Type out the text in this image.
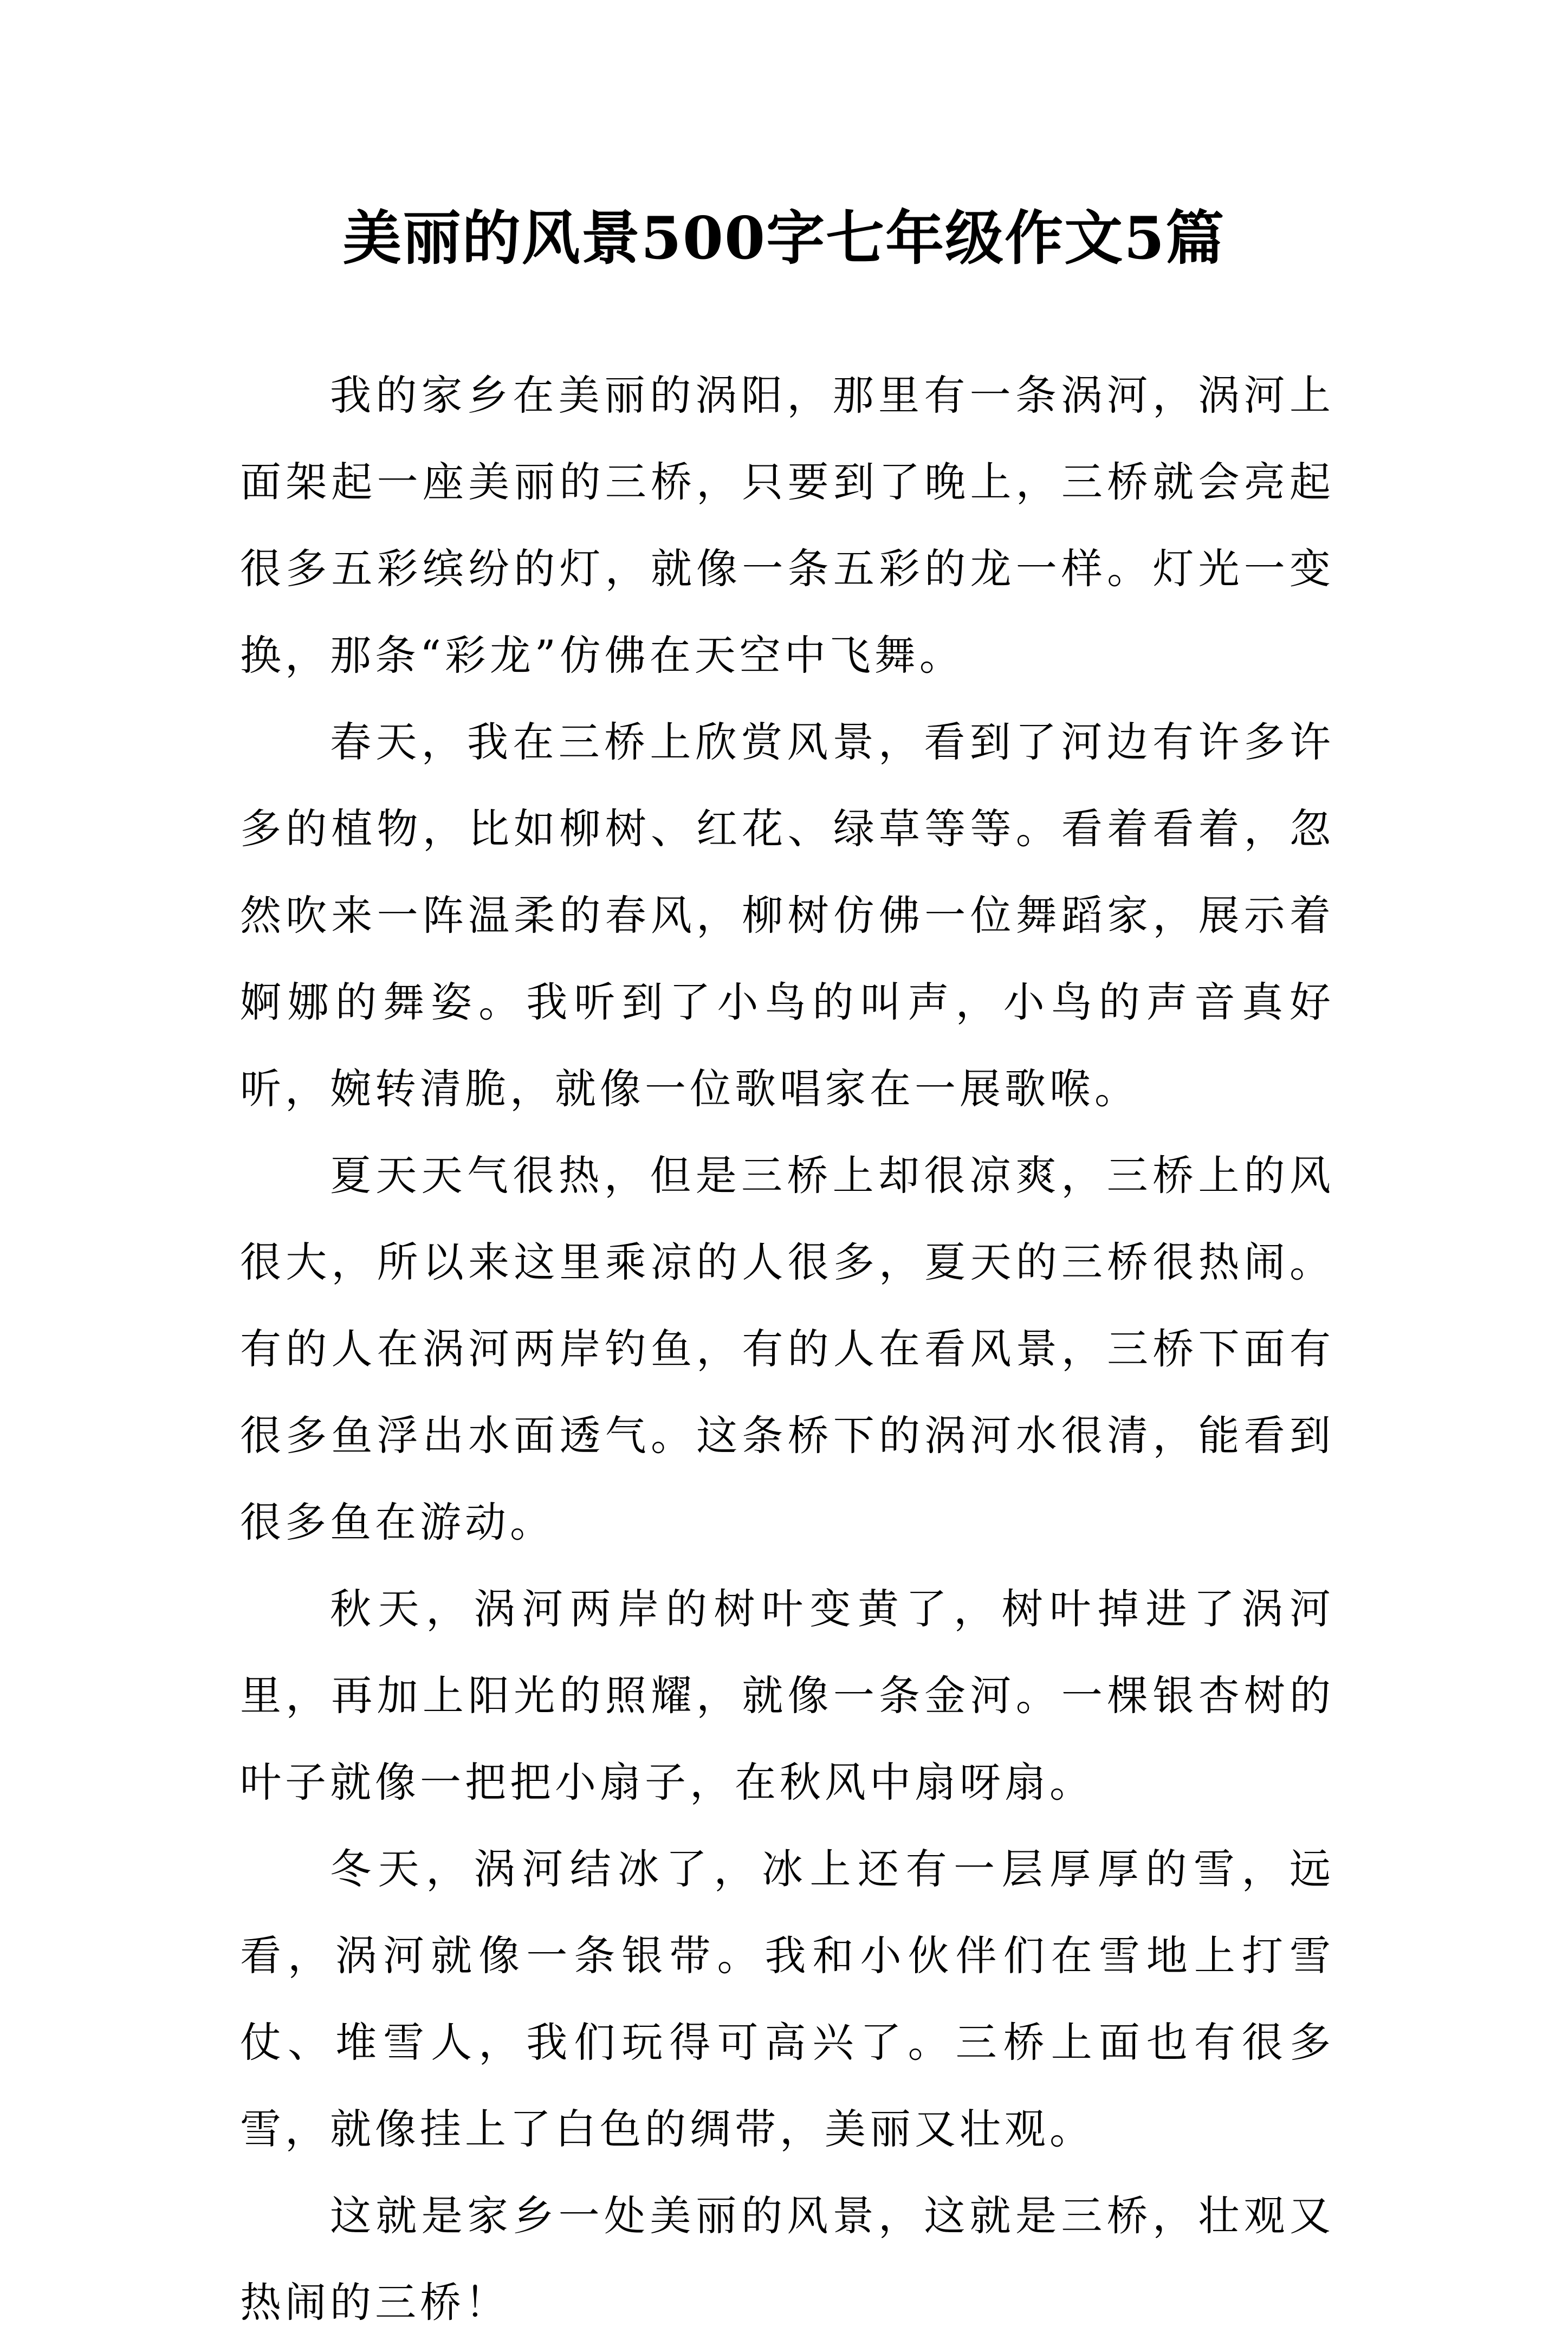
美丽的风景500字七年级作文5篇

我的家乡在美丽的涡阳，那里有一条涡河，涡河上面架起一座美丽的三桥，只要到了晚上，三桥就会亮起很多五彩缤纷的灯，就像一条五彩的龙一样。灯光一变换，那条“彩龙”仿佛在天空中飞舞。

春天，我在三桥上欣赏风景，看到了河边有许多许多的植物，比如柳树、红花、绿草等等。看着看着，忽然吹来一阵温柔的春风，柳树仿佛一位舞蹈家，展示着婀娜的舞姿。我听到了小鸟的叫声，小鸟的声音真好听，婉转清脆，就像一位歌唱家在一展歌喉。

夏天天气很热，但是三桥上却很凉爽，三桥上的风很大，所以来这里乘凉的人很多，夏天的三桥很热闹。有的人在涡河两岸钓鱼，有的人在看风景，三桥下面有很多鱼浮出水面透气。这条桥下的涡河水很清，能看到很多鱼在游动。

秋天，涡河两岸的树叶变黄了，树叶掉进了涡河里，再加上阳光的照耀，就像一条金河。一棵银杏树的叶子就像一把把小扇子，在秋风中扇呀扇。

冬天，涡河结冰了，冰上还有一层厚厚的雪，远看，涡河就像一条银带。我和小伙伴们在雪地上打雪仗、堆雪人，我们玩得可高兴了。三桥上面也有很多雪，就像挂上了白色的绸带，美丽又壮观。

这就是家乡一处美丽的风景，这就是三桥，壮观又热闹的三桥！
